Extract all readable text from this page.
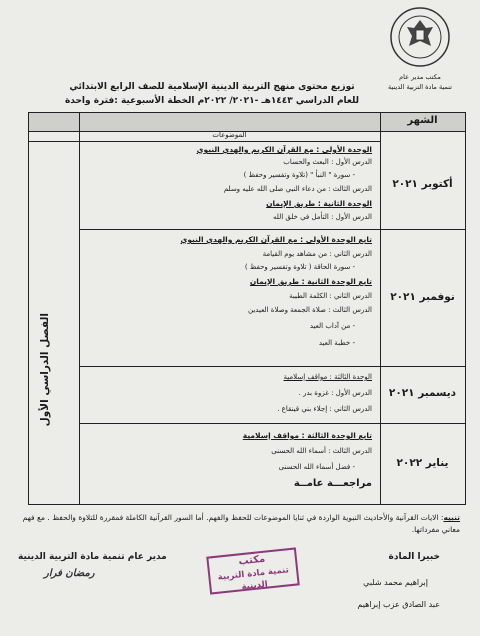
مكتب مدير عام
تنمية مادة التربية الدينية
توزيع محتوى منهج التربية الدينية الإسلامية للصف الرابع الابتدائي
للعام الدراسي ١٤٤٣هـ -٢٠٢١/ ٢٠٢٢م الخطة الأسبوعية :فترة واحدة
الشهر
الموضوعات
الفصل الدراسي الأول
أكتوبر ٢٠٢١
نوفمبر ٢٠٢١
ديسمبر ٢٠٢١
يناير ٢٠٢٢
الوحدة الأولى : مع القرآن الكريم والهدي النبوي
الدرس الأول : البعث والحساب
- سورة " النبأ " (تلاوة وتفسير وحفظ )
الدرس الثالث : من دعاء النبي صلى الله عليه وسلم
الوحدة الثانية : طريق الإيمان
الدرس الأول : التأمل في خلق الله
تابع الوحدة الأولى : مع القرآن الكريم والهدي النبوي
الدرس الثاني : من مشاهد يوم القيامة
- سورة الحاقة ( تلاوة وتفسير وحفظ )
تابع الوحدة الثانية : طريق الإيمان
الدرس الثاني : الكلمة الطيبة
الدرس الثالث : صلاة الجمعة وصلاة العيدين
- من آداب العيد
- خطبة العيد
الوحدة الثالثة : مواقف إسلامية
الدرس الأول : غزوة بدر .
الدرس الثاني : إجلاء بني قينقاع .
تابع الوحدة الثالثة : مواقف إسلامية
الدرس الثالث : أسماء الله الحسنى
- فضل أسماء الله الحسنى
مراجعـــة عامــة
تنبيه: الايات القرآنية والأحاديث النبوية الواردة في ثنايا الموضوعات للحفظ والفهم. أما السور القرآنية الكاملة فمقررة للتلاوة والحفظ . مع فهم معاني مفرداتها.
خبيرا المادة
إبراهيم محمد شلبي
عبد الصادق عزب إبراهيم
مدير عام تنمية مادة التربية الدينية
رمضان فرار
مكتب
تنمية مادة التربية الدينية
